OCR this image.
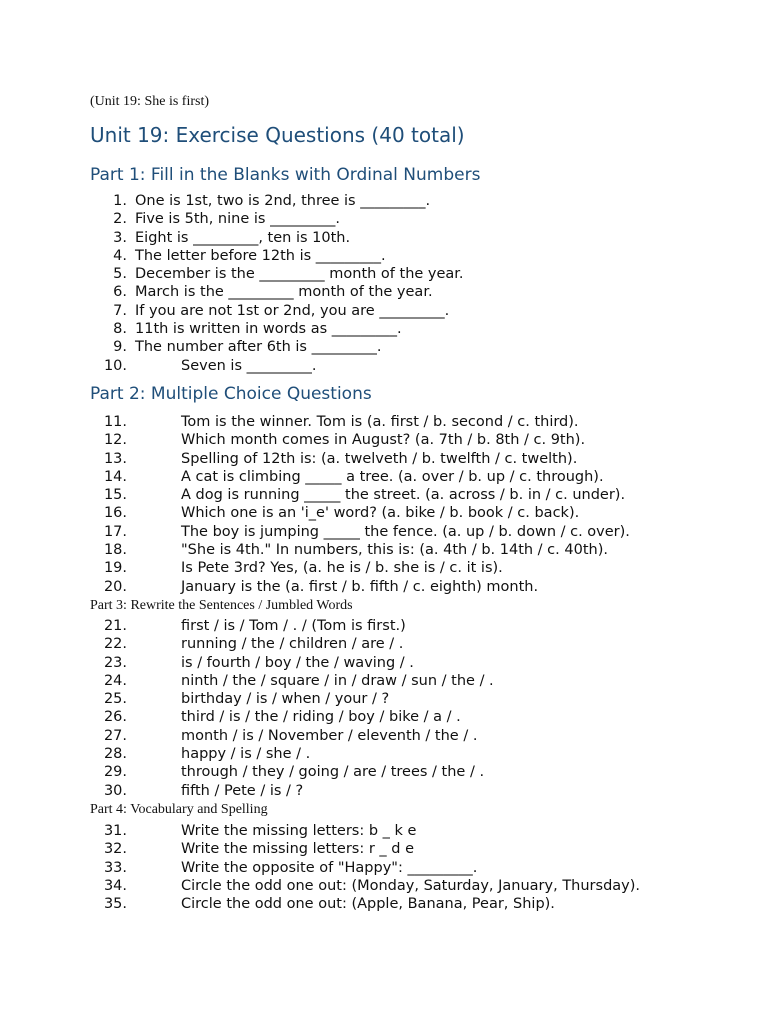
(Unit 19: She is first)
Unit 19: Exercise Questions (40 total)
Part 1: Fill in the Blanks with Ordinal Numbers
1. One is 1st, two is 2nd, three is _________.
2. Five is 5th, nine is _________.
3. Eight is _________, ten is 10th.
4. The letter before 12th is _________.
5. December is the _________ month of the year.
6. March is the _________ month of the year.
7. If you are not 1st or 2nd, you are _________.
8. 11th is written in words as _________.
9. The number after 6th is _________.
10.	Seven is _________.
Part 2: Multiple Choice Questions
11.	Tom is the winner. Tom is (a. first / b. second / c. third).
12.	Which month comes in August? (a. 7th / b. 8th / c. 9th).
13.	Spelling of 12th is: (a. twelveth / b. twelfth / c. twelth).
14.	A cat is climbing _____ a tree. (a. over / b. up / c. through).
15.	A dog is running _____ the street. (a. across / b. in / c. under).
16.	Which one is an 'i_e' word? (a. bike / b. book / c. back).
17.	The boy is jumping _____ the fence. (a. up / b. down / c. over).
18.	"She is 4th." In numbers, this is: (a. 4th / b. 14th / c. 40th).
19.	Is Pete 3rd? Yes, (a. he is / b. she is / c. it is).
20.	January is the (a. first / b. fifth / c. eighth) month.
Part 3: Rewrite the Sentences / Jumbled Words
21.	first / is / Tom / . / (Tom is first.)
22.	running / the / children / are / .
23.	is / fourth / boy / the / waving / .
24.	ninth / the / square / in / draw / sun / the / .
25.	birthday / is / when / your / ?
26.	third / is / the / riding / boy / bike / a / .
27.	month / is / November / eleventh / the / .
28.	happy / is / she / .
29.	through / they / going / are / trees / the / .
30.	fifth / Pete / is / ?
Part 4: Vocabulary and Spelling
31.	Write the missing letters: b _ k e
32.	Write the missing letters: r _ d e
33.	Write the opposite of "Happy": _________.
34.	Circle the odd one out: (Monday, Saturday, January, Thursday).
35.	Circle the odd one out: (Apple, Banana, Pear, Ship).
